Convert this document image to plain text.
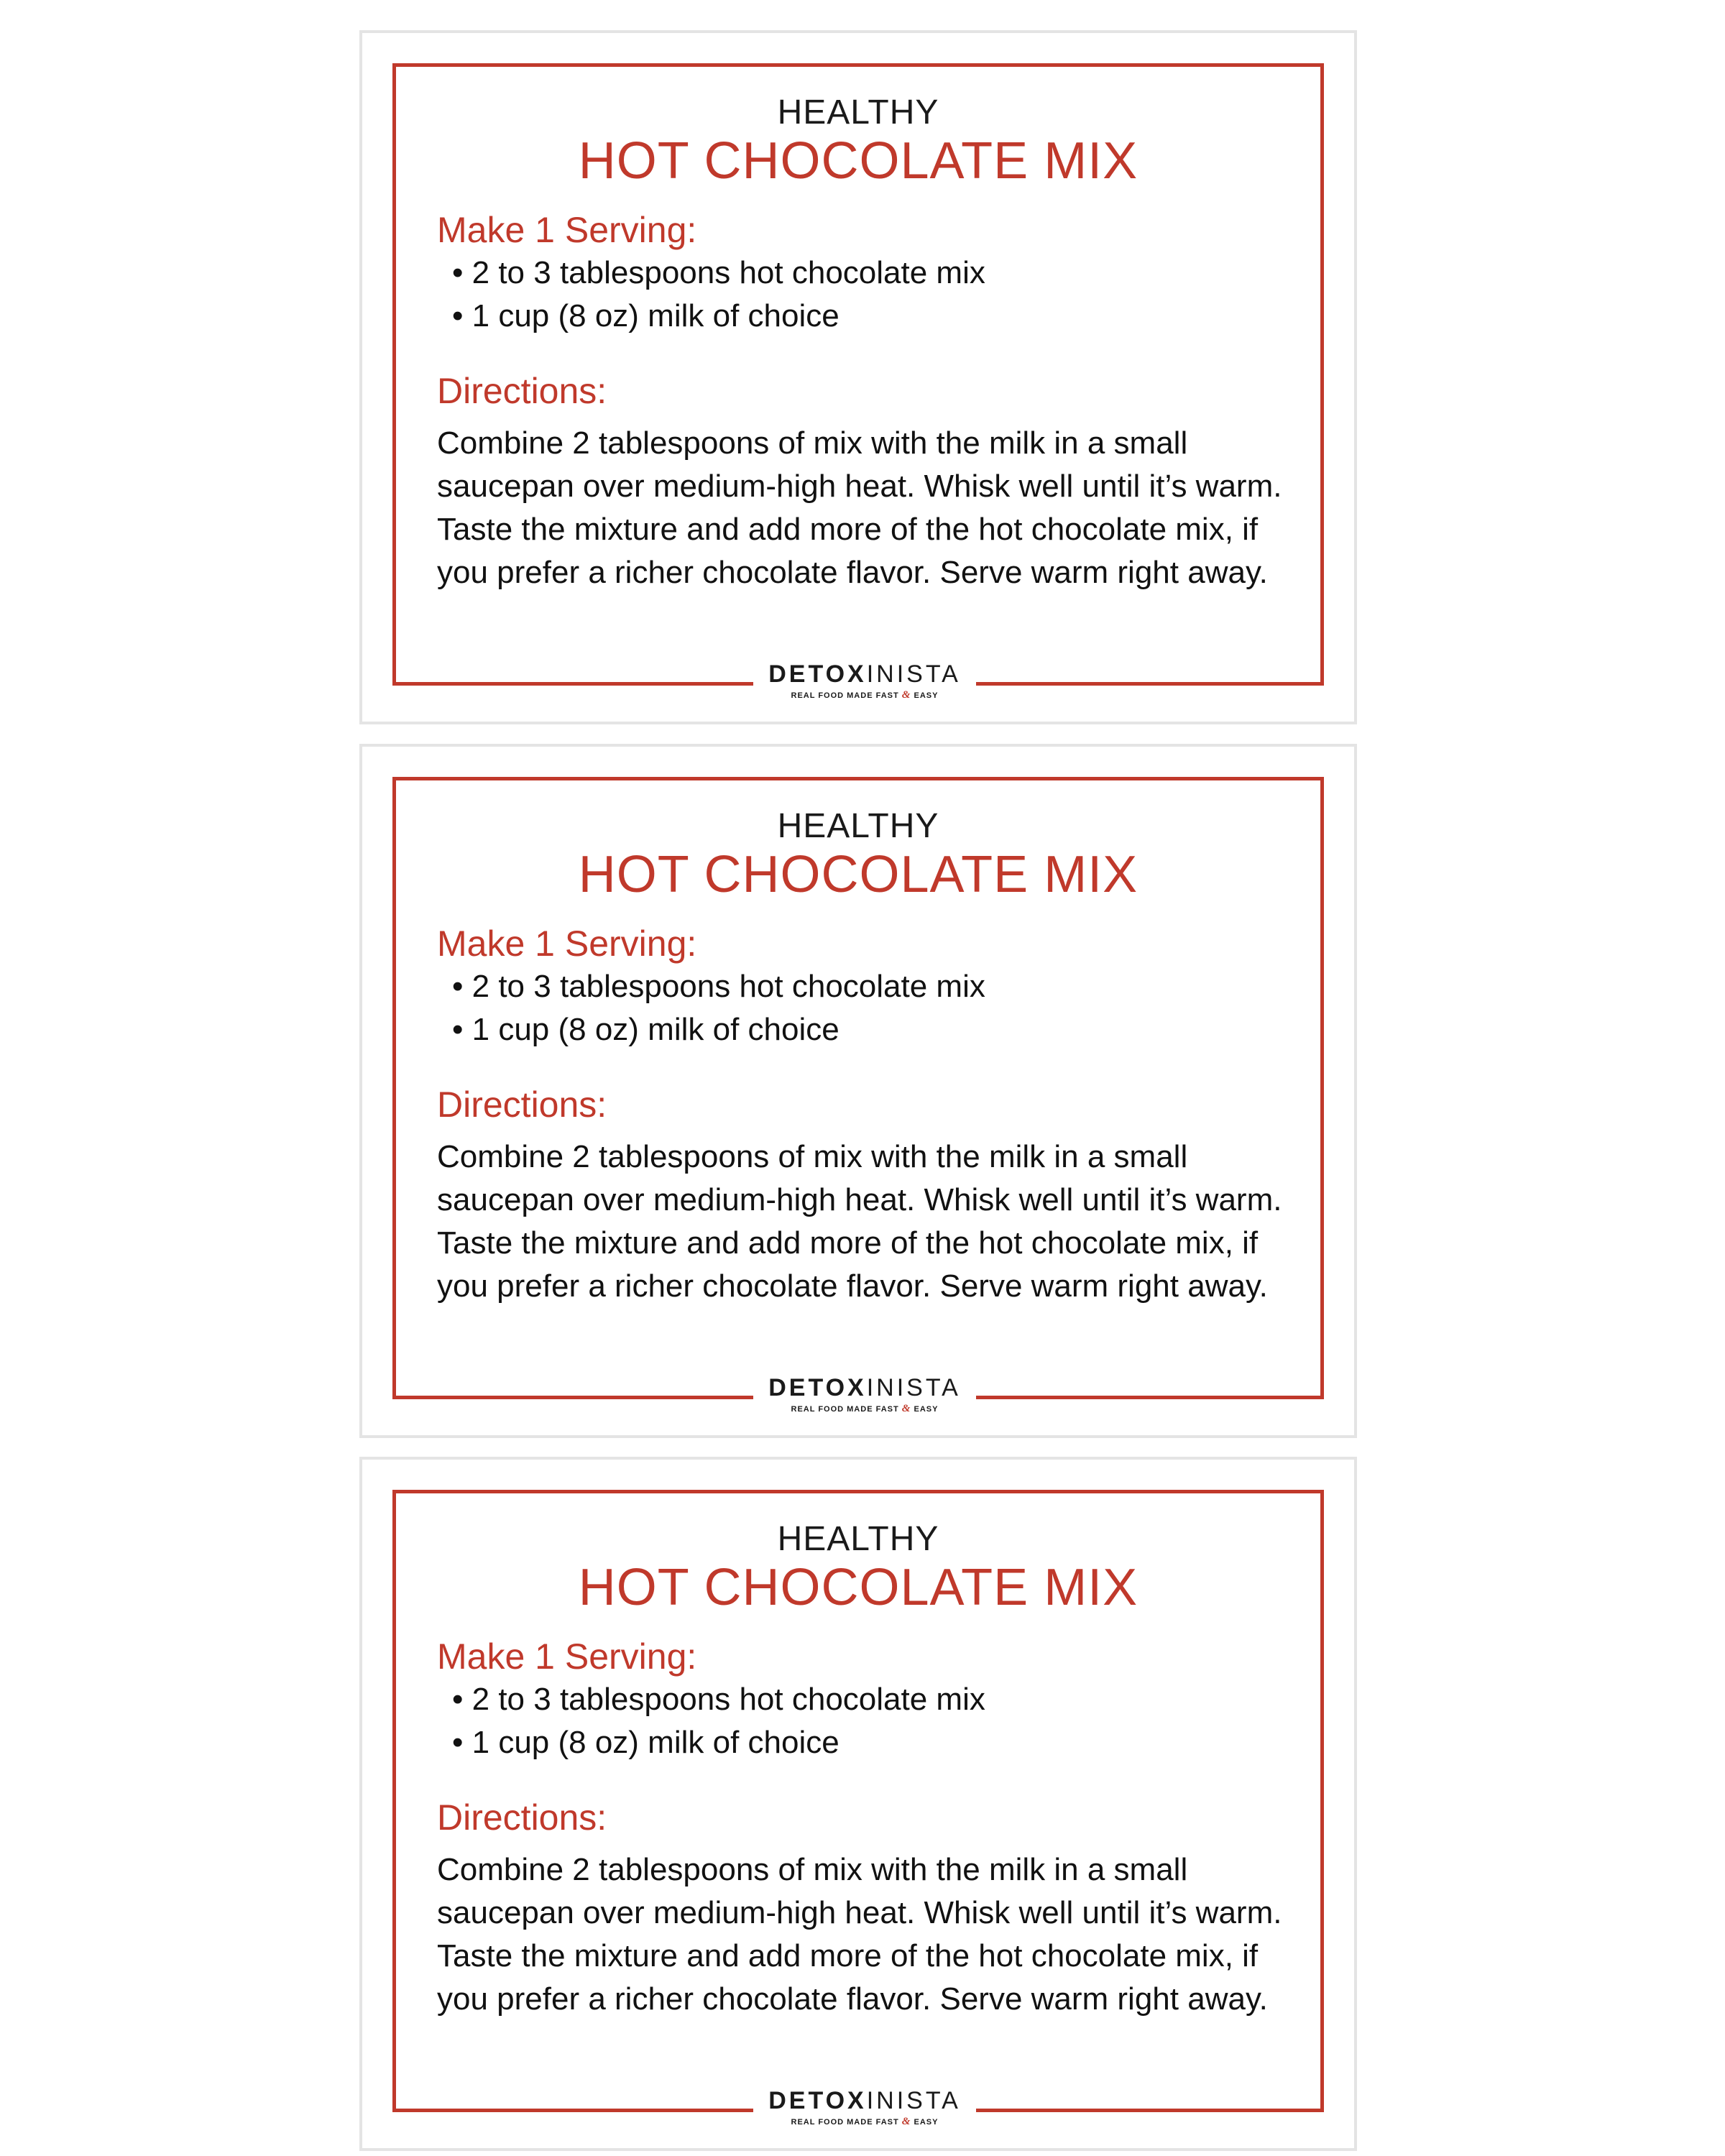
HEALTHY
HOT CHOCOLATE MIX
Make 1 Serving:
• 2 to 3 tablespoons hot chocolate mix
• 1 cup (8 oz) milk of choice
Directions:

Combine 2 tablespoons of mix with the milk in a small
saucepan over medium-high heat. Whisk well until it’s warm.
Taste the mixture and add more of the hot chocolate mix, if
you prefer a richer chocolate flavor. Serve warm right away.

DETOXINISTA
REAL FOOD MADE FAST & EASY
HEALTHY
HOT CHOCOLATE MIX
Make 1 Serving:
• 2 to 3 tablespoons hot chocolate mix
• 1 cup (8 oz) milk of choice
Directions:

Combine 2 tablespoons of mix with the milk in a small
saucepan over medium-high heat. Whisk well until it’s warm.
Taste the mixture and add more of the hot chocolate mix, if
you prefer a richer chocolate flavor. Serve warm right away.

DETOXINISTA
REAL FOOD MADE FAST & EASY
HEALTHY
HOT CHOCOLATE MIX
Make 1 Serving:
• 2 to 3 tablespoons hot chocolate mix
• 1 cup (8 oz) milk of choice
Directions:

Combine 2 tablespoons of mix with the milk in a small
saucepan over medium-high heat. Whisk well until it’s warm.
Taste the mixture and add more of the hot chocolate mix, if
you prefer a richer chocolate flavor. Serve warm right away.

DETOXINISTA
REAL FOOD MADE FAST & EASY
